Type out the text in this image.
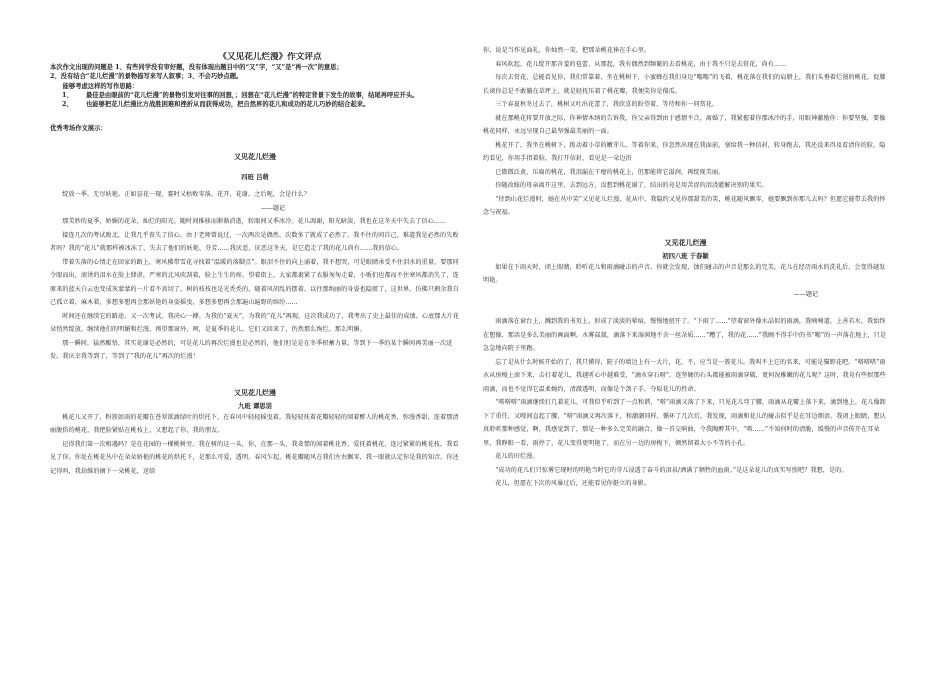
《又见花儿烂漫》作文评点

本次作文出现的问题是 1、有些同学没有审好题，没有体现出题目中的“又”字，“又”是“再一次”的意思；

2、没有结合“花儿烂漫”的景物描写来写人叙事；3、不会巧妙点题。

能够考虑这样的写作思路：

1、	最佳是由眼前的“花儿烂漫”的景物引发对往事的回想，；回想在“花儿烂漫”的特定背景下发生的故事，结尾再呼应开头。
2、	也能够把花儿烂漫比方战胜困难和挫折从而获得成功，把自然界的花儿和成功的花儿巧妙的结合起来。

优秀考场作文展示：

又见花儿烂漫

四班 吕萌

绽放一季，无尽妖艳。正如昙花一现，霎时又枯败零落。花开，花谢。之后呢，会是什么？

——题记

那美妙的夏季，娇媚的花朵，灿烂的阳光。随时间推移而渐渐消逝，转眼间又季冰冷。花儿凋谢，阳光暗淡，我也在这冬天中失去了信心……

接连几次的考试败北，让我几乎丧失了信心。由于老师曾说过，一次两次是偶然，次数多了就成了必然了，我不住的问自己，难道我是必然的失败者吗？我的“花儿”就那样被冰冻了，失去了他们的妖艳、芬芳……我厌恶，厌恶这冬天，是它造走了我的花儿尚有……我的信心。

带着失落的心情走在回家的路上，寒风拂带雪花寻找着“温暖的落脚点”。眼泪不住的向上涌着，我不想哭，可是眼睛承受不住泪水的重量，要那同令眼而出，滚烫的泪水在脸上肆虐，严寒的北风吹刮着，脸上生生的疼。望着街上，大家都裹紧了衣服匆匆走着，小贩们也都而不住寒风都消失了，连原来的蓝天白云也变成灰蒙蒙的一片看不真切了。树的枝枝也是光秃秃的，随着风胡乱的摆着，以往那绚丽的身姿也隐匿了，这世界，仿佛只剩余我自己孤立着，麻木着，多想多想再会那妖艳的身姿摇曳，多想多想再会那遍山遍野的缤纷……

时间还在继续它的路途。又一次考试，我决心一搏。为我的“夏天”，为我的“花儿”再现。这次我成功了，我考出了史上最佳的成绩。心底那大片花朵悄然绽放，继续他们的明媚和烂漫，再望那窗外，呵，是夏季的花儿，它们又回来了，仍然那么绚烂、那么明媚。

那一瞬间，猛然醒悟，其实花谢是必然的，可是花儿的再次烂漫也是必然的，他们但是是在冬季积蓄力量，等到下一季的某个瞬间再美丽一次迸发。我庆幸我等到了，等到了“我的花儿”再次的烂漫！

又见花儿烂漫

九班 谭思羽

桃花儿又开了，粉簇如雨的花瓣在苍翠欲滴绿叶的烘托下，在春风中轻轻摇曳着。我轻轻抚着花瓣轻轻的闻着醉人的桃花香，弥漫香甜，连着那清丽脱俗的桃花，我把脸紧贴在桃枝上，又想起了你，我的朋友。

记得我们第一次相遇吗？是在花园的一棵桃树旁。我在树的这一头，你，在那一头，我贪婪的闻着桃花香，爱抚着桃花，连过紧紧的桃花枝。我看见了你。你处在桃花丛中在朵朵娇艳的桃花的烘托下，是那么可爱，透明。春风乍起，桃花瓣随风在我们左右飘零，我一眼就认定你是我的知音。你还记得吗，我劫维的摘下一朵桃花，送给

你，说是当作见面礼，你灿然一笑，把那朵桃花捧在手心里。

春风吹起，花儿绽开那含羞的苞蕾，从那起，我有偶然到频繁的去看桃花，由于我不只是去赏花，尚有……

每次去赏花，总能看见你，我们常靠着，坐在桃树下，小蜜蜂在我们身边“嗡嗡”的飞着，桃花落在我们的肩膀上，我们头垂着烂漫的桃花，促膝长谈你总是不敢躺在草坪上，就是轻抚压着了桃花瓣，我便笑你是傻瓜。

三个春夏秋冬过去了，桃树又吐出花蕾了，我欣喜的盼望着，等待和你一同赏花。

就在那桃花将要开放之际，你神情木纳的告诉我，你父亲得到由于感情不合，离婚了，我紧握着你那冰冷的手，用眼神激励你：你要坚强，要像桃花同样，永远呈现自己最坚强最美丽的一面。

桃花开了，我坐在桃树下，拨动着小草的嫩芽儿，等着你来，你忽然出现在我面前，塞给我一种信封，转身跑去，我还没来得及看清你的脸，隐约看见，你用手指着脸，我打开信封，看见是一朵边沿

已微微泛黄，压扁的桃花，我泪漏在干瘪的桃花上，但那能将它滋润，再绽现美丽。

你随改嫁的母亲离开这里，去到远方，没想到桃花谢了，结出的竟是用苦涩的泪浇灌解决别的果实。

“待到山花烂漫时，她在丛中笑”又见花儿烂漫，花从中，我隐约又见你那甜美的笑，桃花随风飘零，她要飘到你那儿去吗？但愿它能带去我的怀念与祝福。

又见花儿烂漫

初四八班 于春颖

如果在下雨天时，闭上眼睛，聆听花儿和雨滴碰击的声音。你就会发现，蚀们碰击的声音是那么的完美，花儿在经历雨水的洗礼后，会变得越发明艳。

——题记

雨滴落在窗台上，溅到我的书页上，形成了淡淡的晕痕，慢慢地扭开了。“下雨了……”望着窗外像水晶似的雨滴，我喃喃道。上善若水，我始终在想像，那活是多么美丽的画面啊。水雾氤氲，滴落下来湿润地不含一丝杂质……“糟了，我的花……”我顾不得手中的书“啪”的一声落在地上，只是急急地向院子里跑。

忘了是从什么时候开始的了，我只懂得，院子的墙边上有一大片，花，不，应当是一簇花儿。我叫不上它的名来，可能是猫野花吧。“嗒嗒嗒”雨水从房梭上滚下来，击打着花儿，我越听心中越难受，“滴水穿石呀”，连坚硬的石头都能被雨滴穿破，更何况稚嫩的花儿呢？这时，我竟有些恨那些雨滴，而也不觉得它温柔婉约，清澈透明，而像是个刽子手，夺取花儿的性命。

“嗒嗒嗒”雨滴继续打几着花儿，可我似乎听到了一点和谐，“嗒”雨滴又落了下来，只见花儿弯了腰，雨滴从花瓣上落下来，滴到地上，花儿像卸下了重任，又嗖间直起了腰，“嗒”雨滴又再次落下，和潮潮同样，循环了几次后，我发现，雨滴和花儿的碰击似乎是在耳边细语。我闭上眼睛，想认真聆听那种感觉，啊，我感觉到了，那是一种多么完美的融合，像一首交响曲，令我陶醉其中，“嗒……”不知何时的清脆，缓慢的声音传开在耳朵里，我睁眼一看，雨停了，花儿变得更明艳了，而在另一边的房梭下，倾然留着大小不等的小孔。

花儿的田烂漫。

“成功的花儿们只惊雾它现时的明艳当时它的芽儿浸透了奋斗的泪泉/洒满了牺牲的血雨。”是这朵花儿的真实写照吧？我想，是的。

花儿，但愿在下次的风暴过后，还能看见你挺立的身影。
